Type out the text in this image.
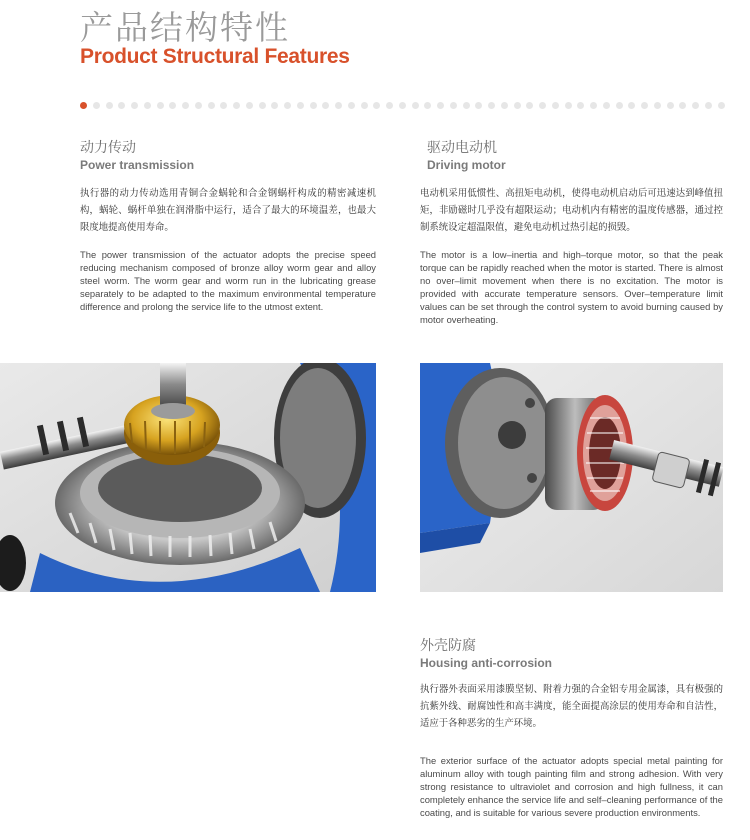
产品结构特性
Product Structural Features
动力传动
Power transmission

执行器的动力传动选用青铜合金蜗轮和合金钢蜗杆构成的精密减速机构，蜗轮、蜗杆单独在润滑脂中运行，适合了最大的环境温差，也最大限度地提高使用寿命。

The power transmission of the actuator adopts the precise speed reducing mechanism composed of bronze alloy worm gear and alloy steel worm. The worm gear and worm run in the lubricating grease separately to be adapted to the maximum environmental temperature difference and prolong the service life to the utmost extent.

驱动电动机
Driving motor

电动机采用低惯性、高扭矩电动机，使得电动机启动后可迅速达到峰值扭矩，非励磁时几乎没有超限运动；电动机内有精密的温度传感器，通过控制系统设定超温限值，避免电动机过热引起的损毁。

The motor is a low–inertia and high–torque motor, so that the peak torque can be rapidly reached when the motor is started. There is almost no over–limit movement when there is no excitation. The motor is provided with accurate temperature sensors. Over–temperature limit values can be set through the control system to avoid burning caused by motor overheating.

外壳防腐
Housing anti-corrosion

执行器外表面采用漆膜坚韧、附着力强的合金铝专用金属漆，具有极强的抗紫外线、耐腐蚀性和高丰满度，能全面提高涂层的使用寿命和自洁性，适应于各种恶劣的生产环境。

The exterior surface of the actuator adopts special metal painting for aluminum alloy with tough painting film and strong adhesion. With very strong resistance to ultraviolet and corrosion and high fullness, it can completely enhance the service life and self–cleaning performance of the coating, and is suitable for various severe production environments.
